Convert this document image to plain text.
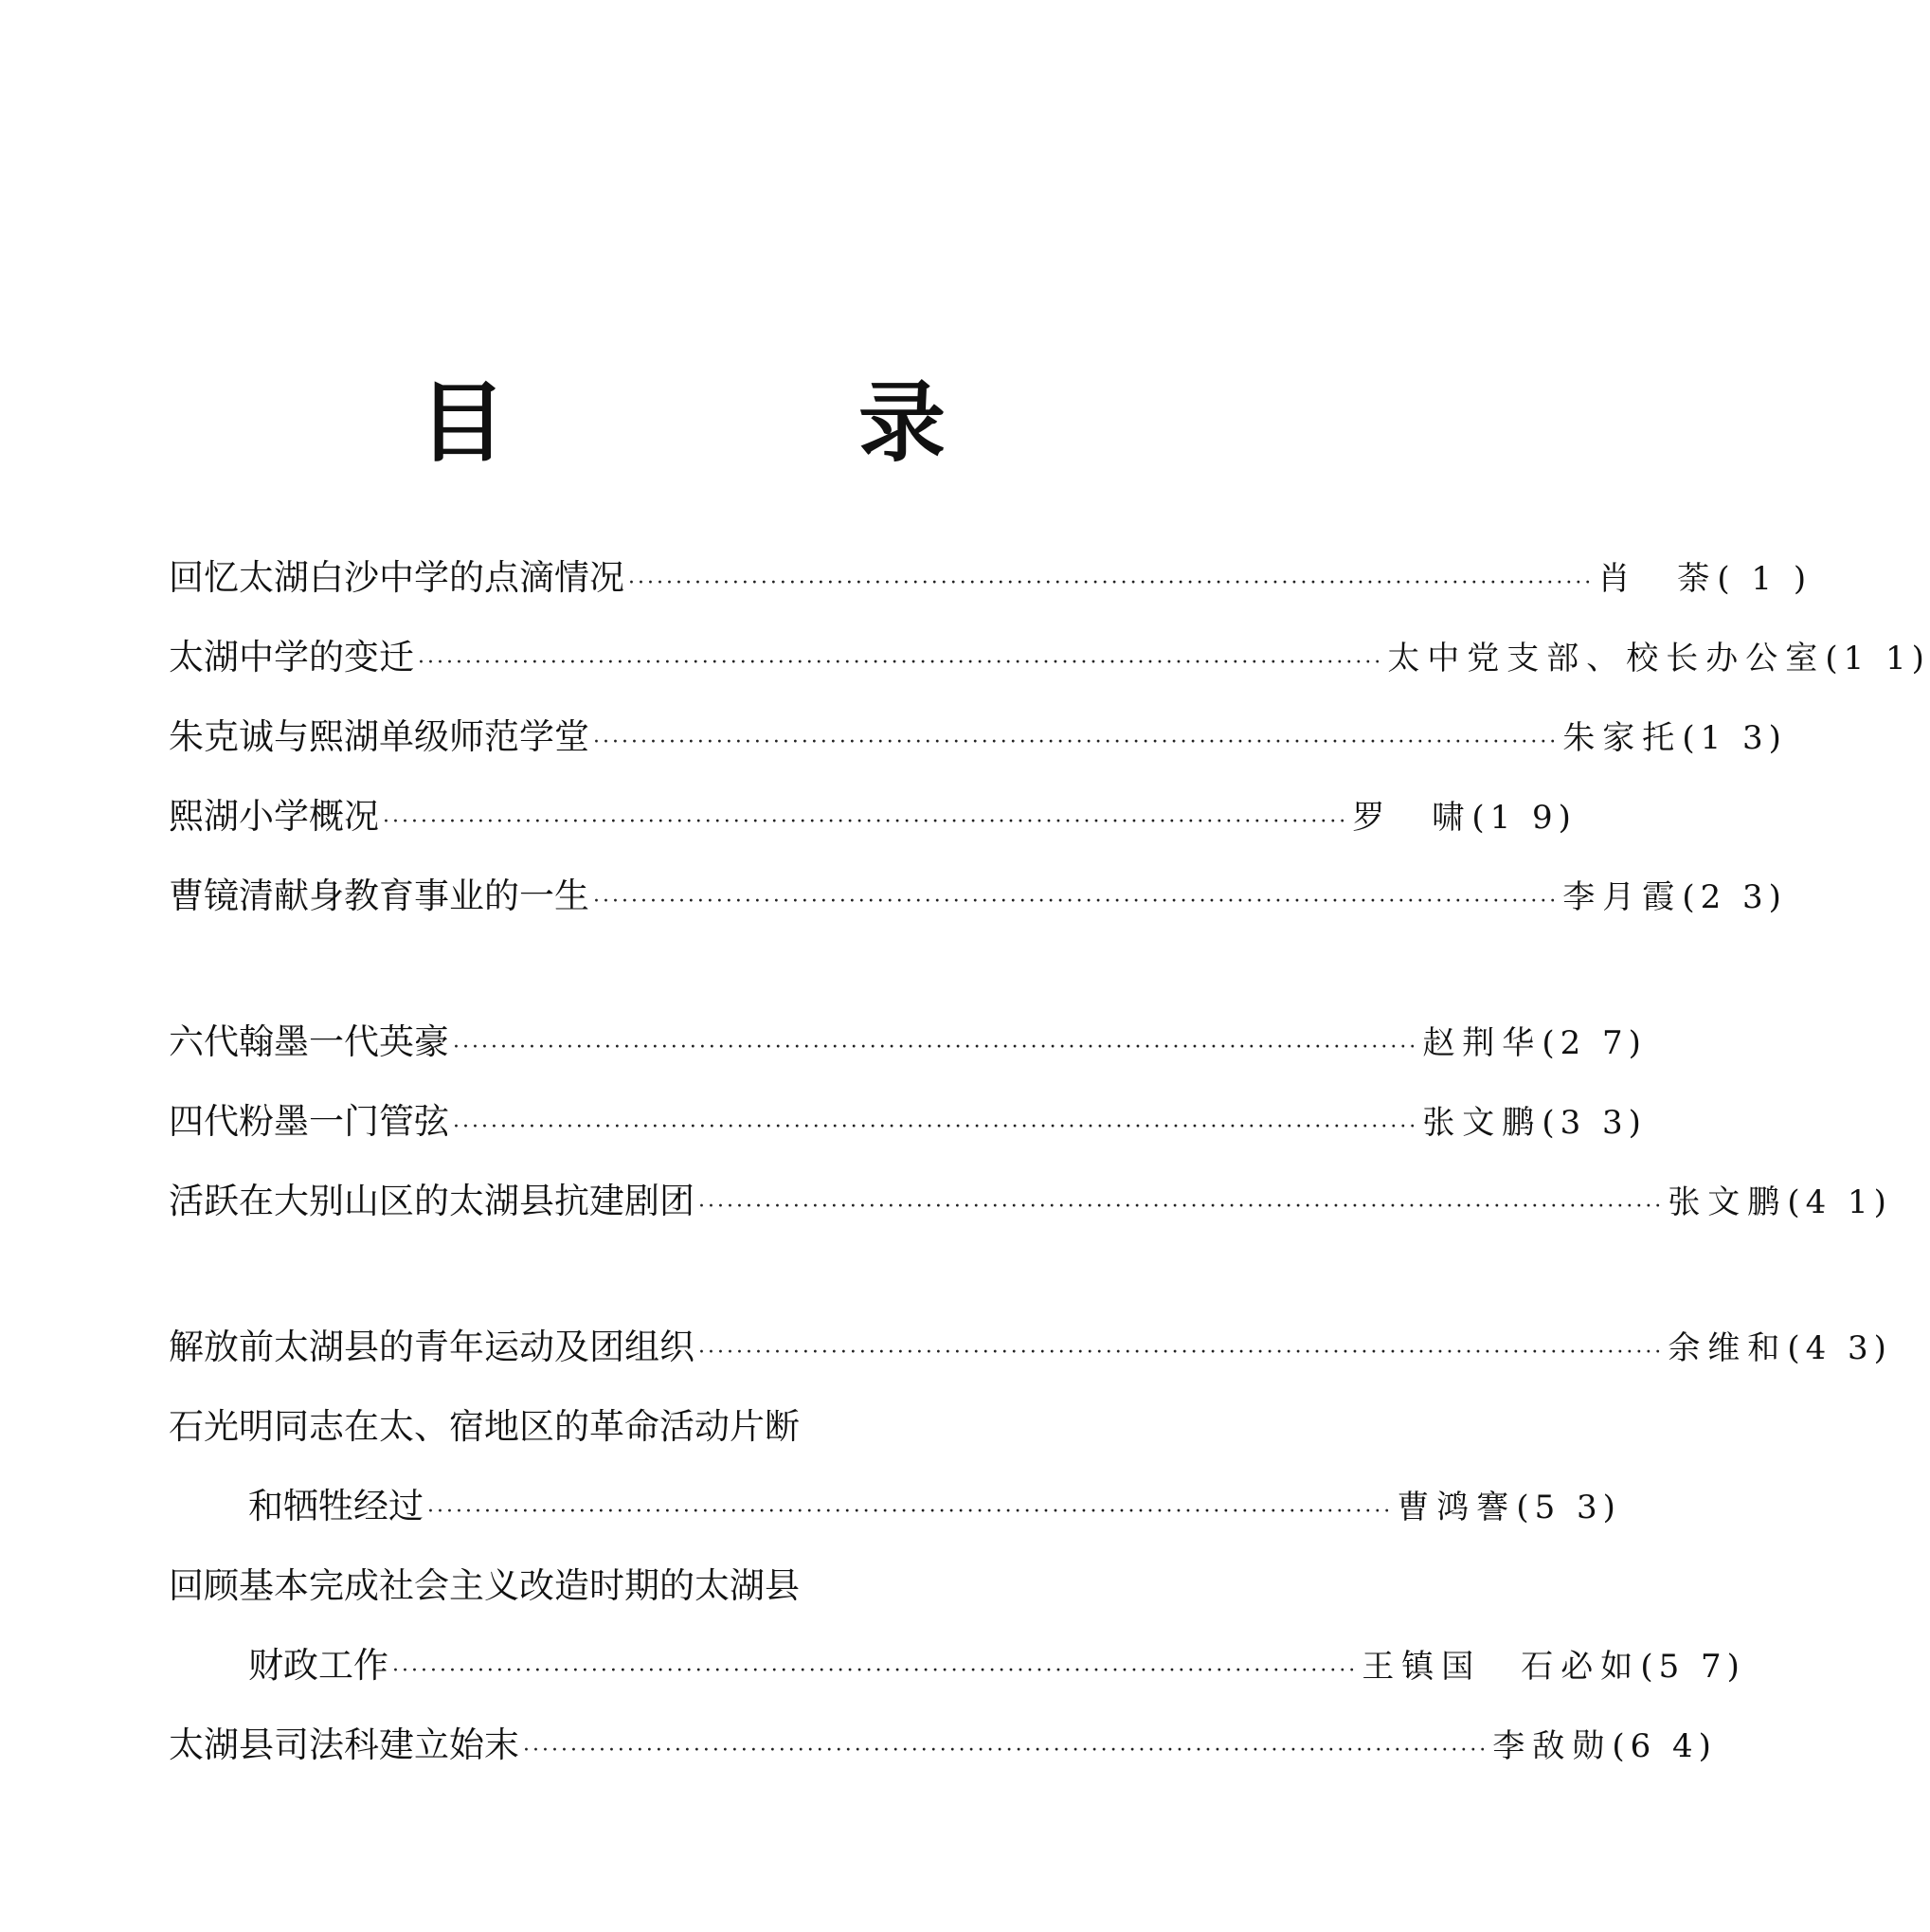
目　录
回忆太湖白沙中学的点滴情况 ······································································································ 肖　荼 ( 1 )
太湖中学的变迁 ······································································································ 太中党支部、校长办公室 (1 1)
朱克诚与熙湖单级师范学堂 ······································································································ 朱家托 (1 3)
熙湖小学概况 ······································································································ 罗　啸 (1 9)
曹镜清献身教育事业的一生 ······································································································ 李月霞 (2 3)
六代翰墨一代英豪 ······································································································ 赵荆华 (2 7)
四代粉墨一门管弦 ······································································································ 张文鹏 (3 3)
活跃在大别山区的太湖县抗建剧团 ······································································································ 张文鹏 (4 1)
解放前太湖县的青年运动及团组织 ······································································································ 余维和 (4 3)
石光明同志在太、宿地区的革命活动片断
和牺牲经过 ······································································································ 曹鸿謇 (5 3)
回顾基本完成社会主义改造时期的太湖县
财政工作 ······································································································ 王镇国　石必如 (5 7)
太湖县司法科建立始末 ······································································································ 李敌勋 (6 4)
